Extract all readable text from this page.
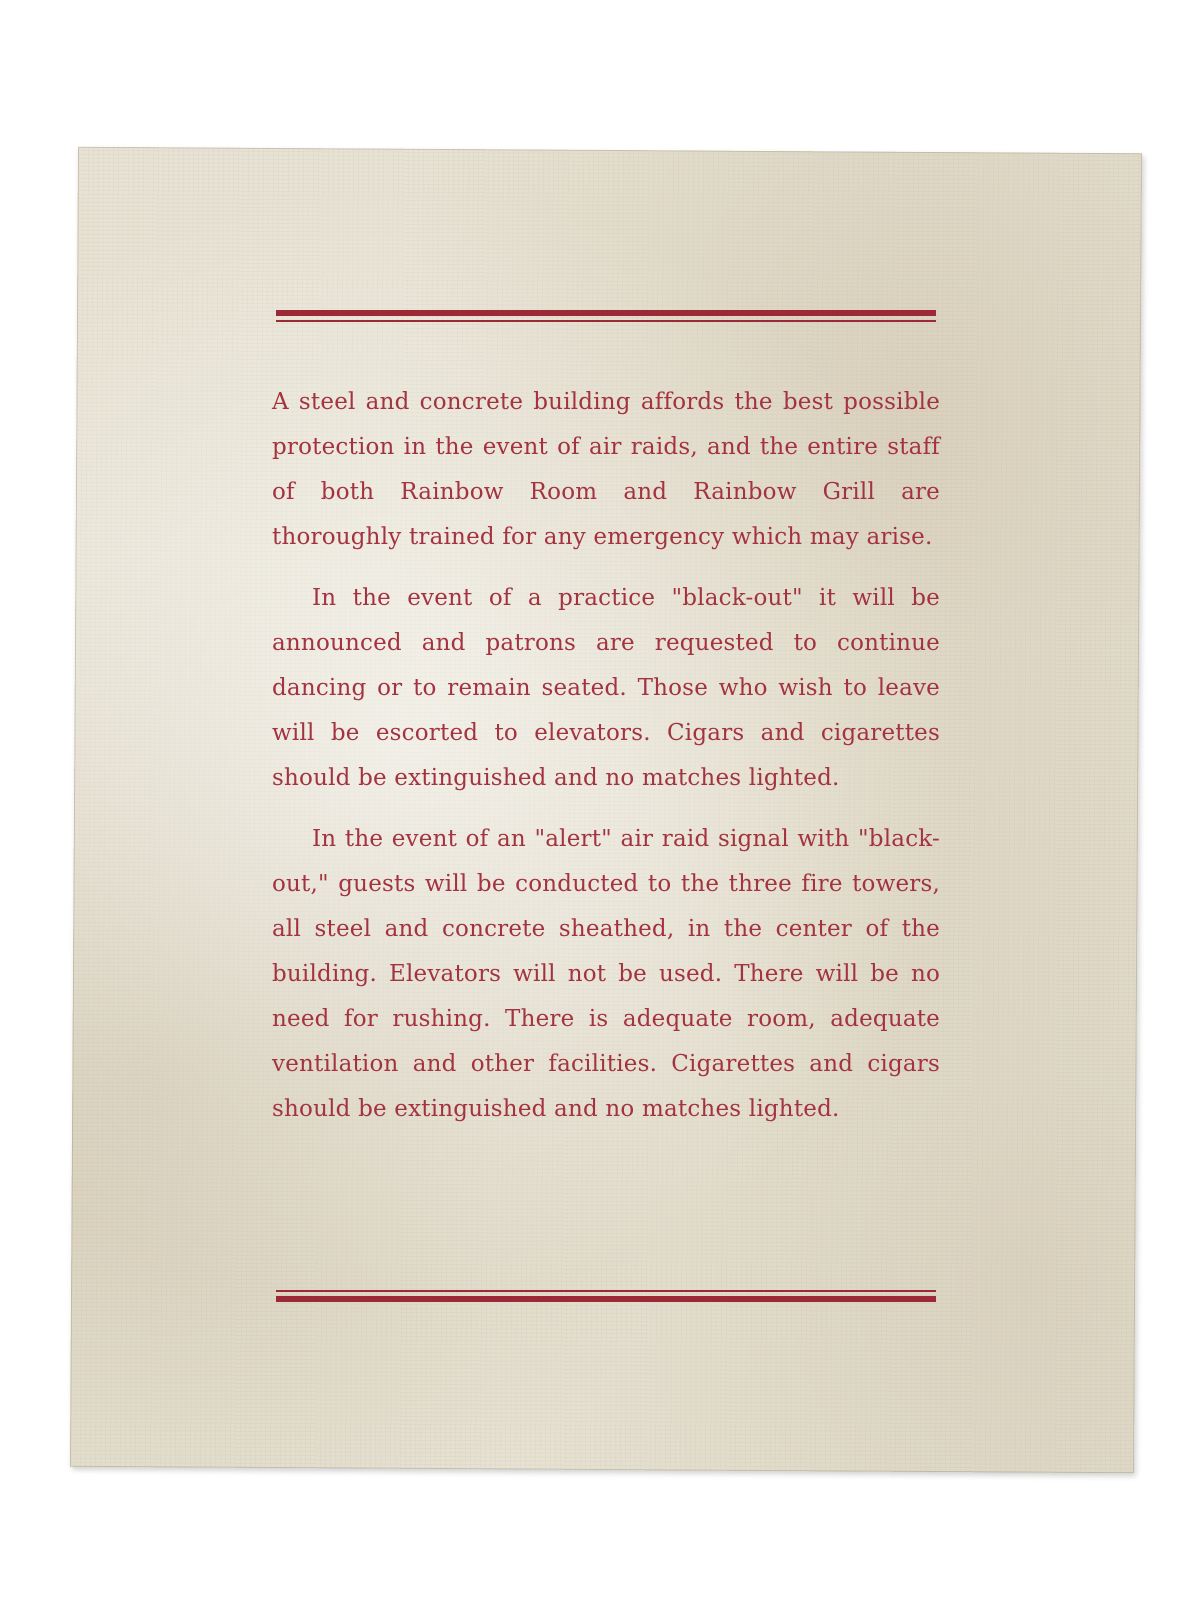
A steel and concrete building affords the best possible protection in the event of air raids, and the entire staff of both Rainbow Room and Rainbow Grill are thoroughly trained for any emergency which may arise.

In the event of a practice "black-out" it will be announced and patrons are requested to continue dancing or to remain seated. Those who wish to leave will be escorted to elevators. Cigars and cigarettes should be extinguished and no matches lighted.

In the event of an "alert" air raid signal with "black-out," guests will be conducted to the three fire towers, all steel and concrete sheathed, in the center of the building. Elevators will not be used. There will be no need for rushing. There is adequate room, adequate ventilation and other facilities. Cigarettes and cigars should be extinguished and no matches lighted.
